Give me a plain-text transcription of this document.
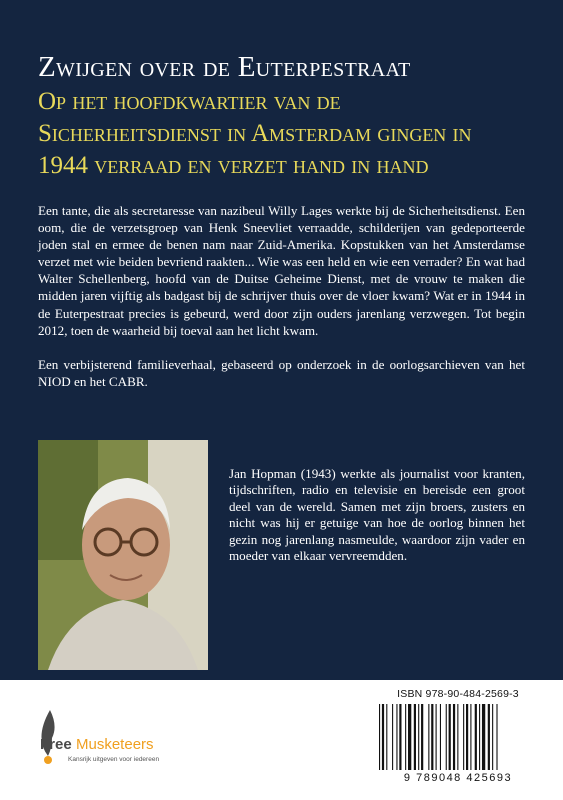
Zwijgen over de Euterpestraat
Op het hoofdkwartier van de
Sicherheitsdienst in Amsterdam gingen in
1944 verraad en verzet hand in hand

Een tante, die als secretaresse van nazibeul Willy Lages werkte bij de Sicherheitsdienst. Een oom, die de verzetsgroep van Henk Sneevliet verraadde, schilderijen van gedeporteerde joden stal en ermee de benen nam naar Zuid-Amerika. Kopstukken van het Amsterdamse verzet met wie beiden bevriend raakten... Wie was een held en wie een verrader? En wat had Walter Schellenberg, hoofd van de Duitse Geheime Dienst, met de vrouw te maken die midden jaren vijftig als badgast bij de schrijver thuis over de vloer kwam? Wat er in 1944 in de Euterpestraat precies is gebeurd, werd door zijn ouders jarenlang verzwegen. Tot begin 2012, toen de waarheid bij toeval aan het licht kwam.

Een verbijsterend familieverhaal, gebaseerd op onderzoek in de oorlogsarchieven van het NIOD en het CABR.

Jan Hopman (1943) werkte als journalist voor kranten, tijdschriften, radio en televisie en bereisde een groot deel van de wereld. Samen met zijn broers, zusters en nicht was hij er getuige van hoe de oorlog binnen het gezin nog jarenlang nasmeulde, waardoor zijn vader en moeder van elkaar vervreemdden.
Free Musketeers
Kansrijk uitgeven voor iedereen
ISBN 978-90-484-2569-3
9 789048 425693
